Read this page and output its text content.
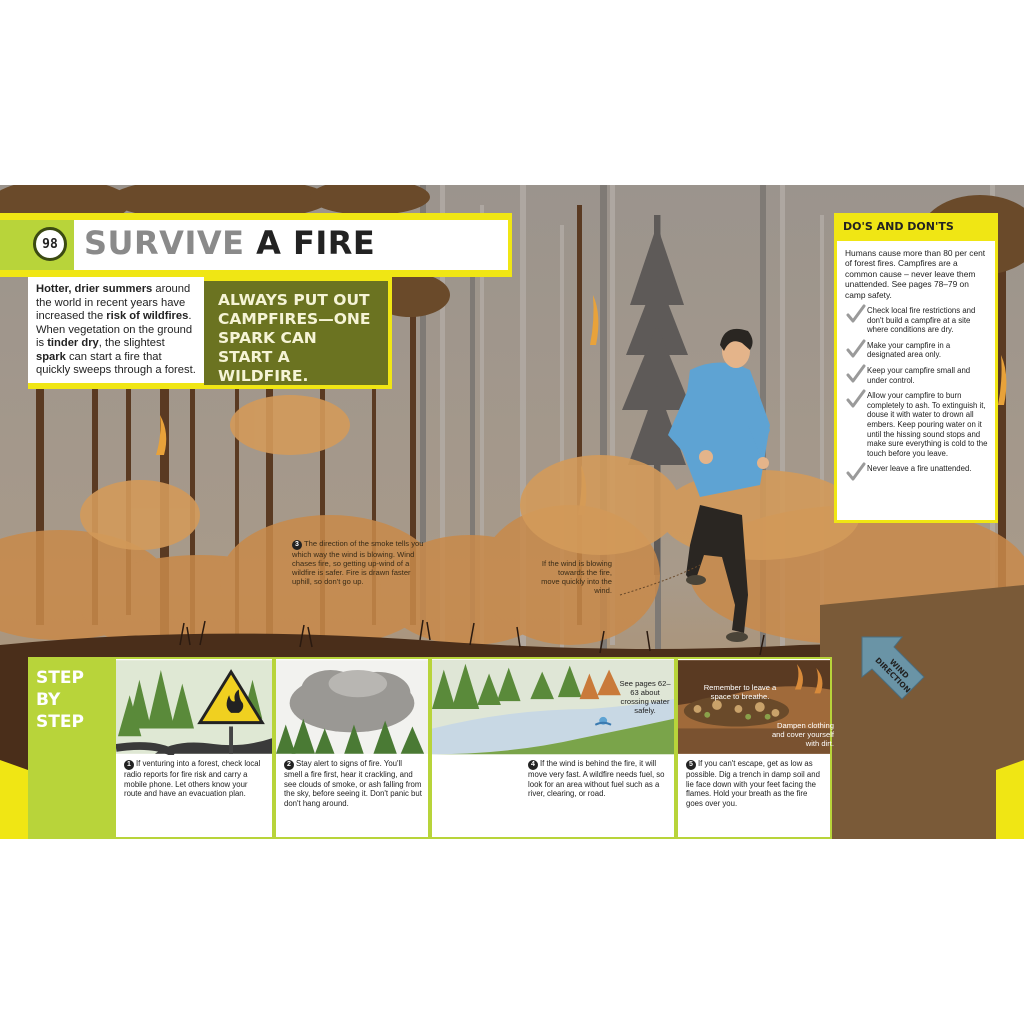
98 SURVIVE A FIRE
Hotter, drier summers around the world in recent years have increased the risk of wildfires. When vegetation on the ground is tinder dry, the slightest spark can start a fire that quickly sweeps through a forest.
ALWAYS PUT OUT CAMPFIRES—ONE SPARK CAN START A WILDFIRE.
DO'S AND DON'TS
Humans cause more than 80 per cent of forest fires. Campfires are a common cause – never leave them unattended. See pages 78–79 on camp safety.
Check local fire restrictions and don't build a campfire at a site where conditions are dry.
Make your campfire in a designated area only.
Keep your campfire small and under control.
Allow your campfire to burn completely to ash. To extinguish it, douse it with water to drown all embers. Keep pouring water on it until the hissing sound stops and make sure everything is cold to the touch before you leave.
Never leave a fire unattended.
3 The direction of the smoke tells you which way the wind is blowing. Wind chases fire, so getting up-wind of a wildfire is safer. Fire is drawn faster uphill, so don't go up.
If the wind is blowing towards the fire, move quickly into the wind.
WIND DIRECTION
STEP
BY
STEP
1 If venturing into a forest, check local radio reports for fire risk and carry a mobile phone. Let others know your route and have an evacuation plan.
2 Stay alert to signs of fire. You'll smell a fire first, hear it crackling, and see clouds of smoke, or ash falling from the sky, before seeing it. Don't panic but don't hang around.
See pages 62–63 about crossing water safely.
4 If the wind is behind the fire, it will move very fast. A wildfire needs fuel, so look for an area without fuel such as a river, clearing, or road.
Remember to leave a space to breathe.
Dampen clothing and cover yourself with dirt.
5 If you can't escape, get as low as possible. Dig a trench in damp soil and lie face down with your feet facing the flames. Hold your breath as the fire goes over you.
